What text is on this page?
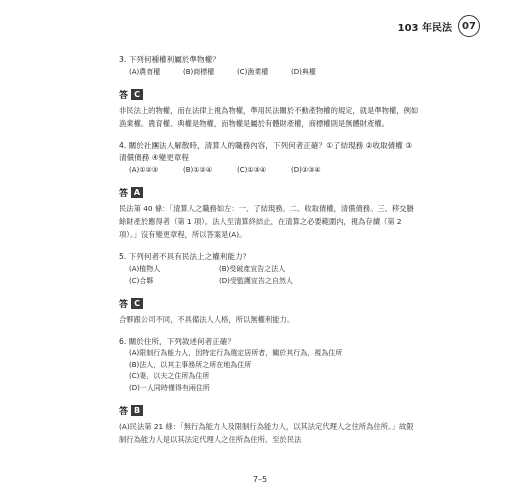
103 年民法	07

3. 下列何種權利屬於準物權？

(A)農育權	(B)商標權	(C)漁業權	(D)典權
答 C

非民法上的物權，而在法律上視為物權，準用民法關於不動產物權的規定，就是準物權，例如漁業權。農育權、典權是物權，而物權是屬於有體財產權，商標權則是無體財產權。

4. 關於社團法人解散時，清算人的職務內容，下列何者正確？①了結現務 ②收取債權 ③清償債務 ④變更章程

(A)①②③	(B)①②④	(C)①③④	(D)②③④
答 A

民法第 40 條：「清算人之職務如左：一、了結現務。二、收取債權，清償債務。三、移交賸餘財產於應得者（第 1 項）。法人至清算終結止，在清算之必要範圍內，視為存續（第 2 項）。」沒有變更章程，所以答案是(A)。

5. 下列何者不具有民法上之權利能力？

(A)植物人	(B)受破產宣告之法人
(C)合夥	(D)受監護宣告之自然人
答 C

合夥跟公司不同，不具備法人人格，所以無權利能力。

6. 關於住所，下列敘述何者正確？

(A)限制行為能力人，因特定行為選定居所者，關於其行為，視為住所
(B)法人，以其主事務所之所在地為住所
(C)妻，以夫之住所為住所
(D)一人同時僅得有兩住所
答 B

(A)民法第 21 條：「無行為能力人及限制行為能力人，以其法定代理人之住所為住所。」故限制行為能力人是以其法定代理人之住所為住所。至於民法

7–5
